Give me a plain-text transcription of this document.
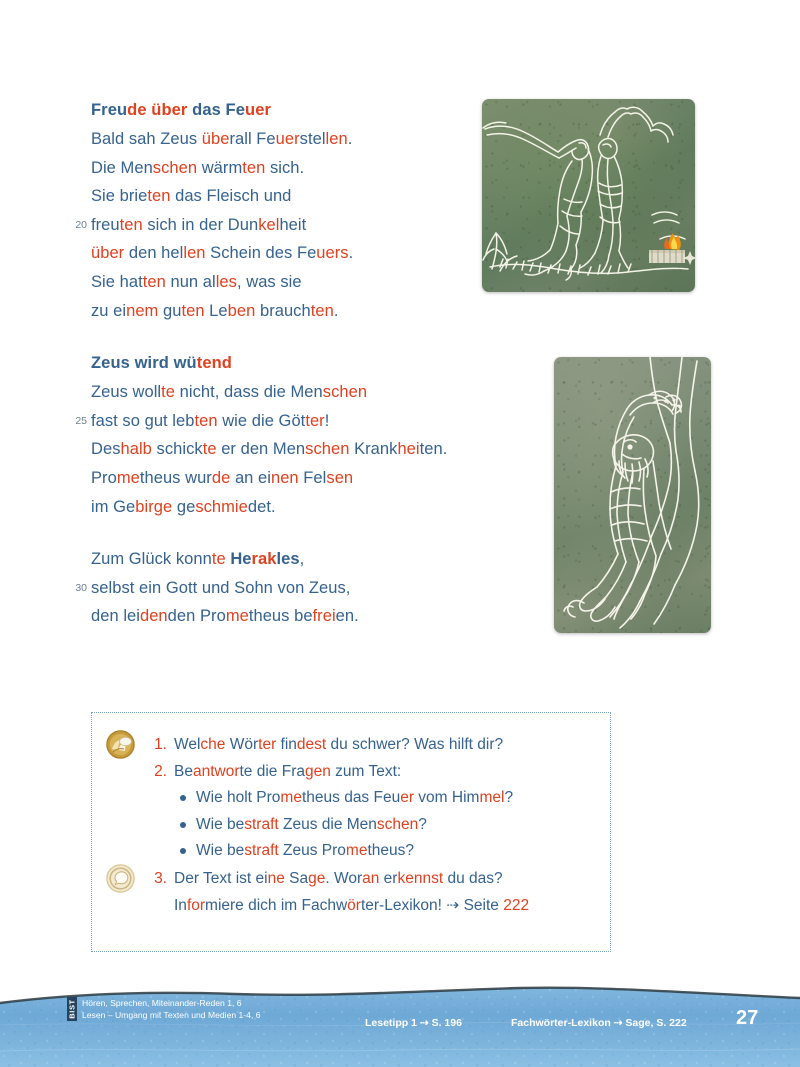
Freude über das Feuer
Bald sah Zeus überall Feuerstellen.
Die Menschen wärmten sich.
Sie brieten das Fleisch und
20 freuten sich in der Dunkelheit
über den hellen Schein des Feuers.
Sie hatten nun alles, was sie
zu einem guten Leben brauchten.
Zeus wird wütend
Zeus wollte nicht, dass die Menschen
25 fast so gut lebten wie die Götter!
Deshalb schickte er den Menschen Krankheiten.
Prometheus wurde an einen Felsen
im Gebirge geschmiedet.
Zum Glück konnte Herakles,
30 selbst ein Gott und Sohn von Zeus,
den leidenden Prometheus befreien.
1. Welche Wörter findest du schwer? Was hilft dir?
2. Beantworte die Fragen zum Text:
Wie holt Prometheus das Feuer vom Himmel?
Wie bestraft Zeus die Menschen?
Wie bestraft Zeus Prometheus?
3. Der Text ist eine Sage. Woran erkennst du das?
Informiere dich im Fachwörter-Lexikon! ⇢ Seite 222
BIST Hören, Sprechen, Miteinander-Reden 1, 6
Lesen – Umgang mit Texten und Medien 1-4, 6
Lesetipp 1 ⇢ S. 196	Fachwörter-Lexikon ⇢ Sage, S. 222 27
